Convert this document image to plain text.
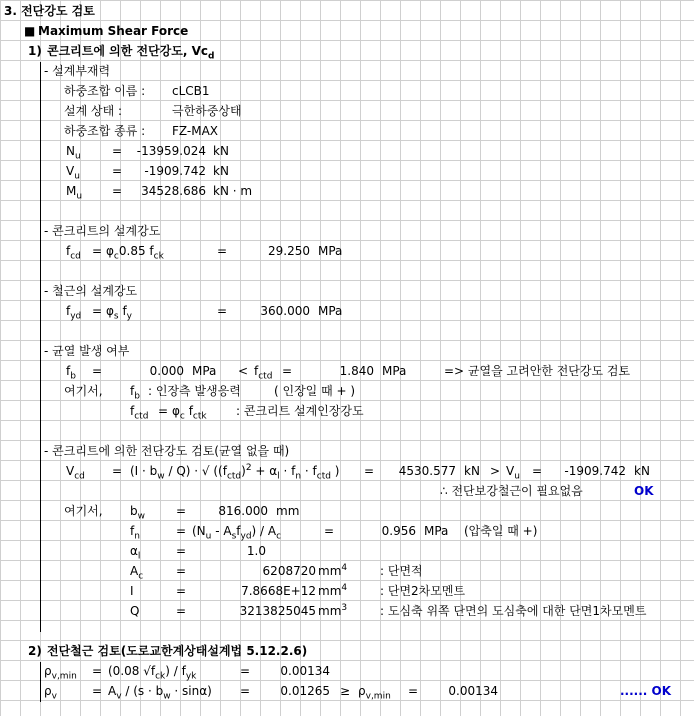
3. 전단강도 검토
■ Maximum Shear Force
1) 콘크리트에 의한 전단강도, $Vc_d$
- 설계부재력
하중조합 이름 : cLCB1
설계 상태 :	극한하중상태
하중조합 종류 : FZ-MAX
$N_u$	=	-13959.024 kN
$V_u$	=	-1909.742 kN
$M_u$ =	34528.686 kN · m
- 콘크리트의 설계강도
$f_{cd} = \varphi_c0.85$ $f_{ck}$	=	29.250 MPa
- 철근의 설계강도
$f_{yd} = \varphi_s$ $f_y$	=	360.000 MPa
- 균열 발생 여부
$f_b$ =	0.000 MPa < $f_{ctd}$ =	1.840 MPa	=> 균열을 고려안한 전단강도 검토
여기서, $f_b$ : 인장측 발생응력	( 인장일 때 + )
$f_{ctd} = \varphi_c$ $f_{ctk}$ : 콘크리트 설계인장강도
- 콘크리트에 의한 전단강도 검토(균열 없을 때)
$V_{cd} = (I \cdot b_w / Q)$ · √ ($(f_{ctd})^2 + \alpha_l \cdot f_n \cdot f_{ctd}$ ) =	4530.577 kN > $V_u$ =	-1909.742 kN
∴ 전단보강철근이 필요없음	OK
여기서, $b_w$	=	816.000 mm
$f_n$	= $(N_u - A_sf_{yd}) / A_c$	=	0.956 MPa (압축일 때 +)
$\alpha_l$	=	1.0
$A_c$	=	6208720 $mm^4$	: 단면적
I	=	7.8668E+12 $mm^4$	: 단면2차모멘트
Q	=	3213825045 $mm^3$	: 도심축 위쪽 단면의 도심축에 대한 단면1차모멘트
2) 전단철근 검토(도로교한계상태설계법 5.12.2.6)
$\rho_{v,min} = (0.08$ $√f_{ck}) / f_{yk}$	=	0.00134
$\rho_v$	= $A_v / (s \cdot b_w \cdot \sin\alpha)$ =	$0.01265 \ge \rho_{v,min}$ =	0.00134	...... OK
